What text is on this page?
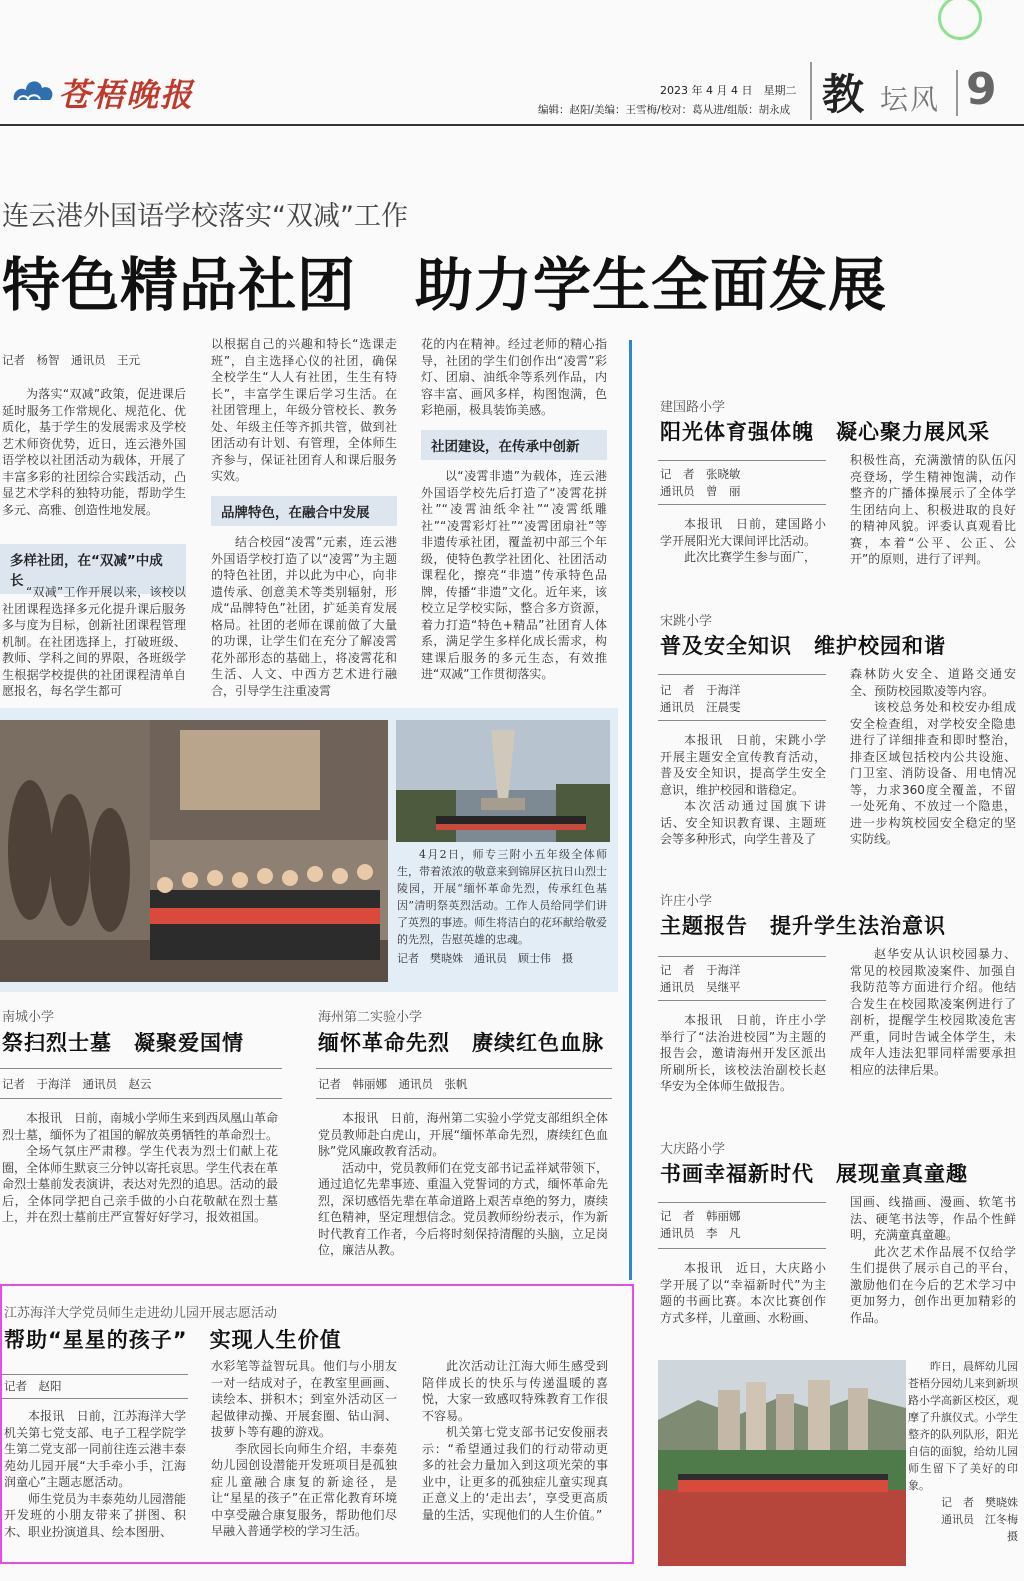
苍梧晚报	2023 年 4 月 4 日　星期二
编辑：赵阳/美编：王雪梅/校对：葛从进/组版：胡永成 教 坛风 9
连云港外国语学校落实“双减”工作
特色精品社团　助力学生全面发展
记者　杨智　通讯员　王元

为落实“双减”政策，促进课后延时服务工作常规化、规范化、优质化，基于学生的发展需求及学校艺术师资优势，近日，连云港外国语学校以社团活动为载体，开展了丰富多彩的社团综合实践活动，凸显艺术学科的独特功能，帮助学生多元、高雅、创造性地发展。

多样社团，在“双减”中成长

“双减”工作开展以来，该校以社团课程选择多元化提升课后服务多与度为目标，创新社团课程管理机制。在社团选择上，打破班级、教师、学科之间的界限，各班级学生根据学校提供的社团课程清单自愿报名，每名学生都可

以根据自己的兴趣和特长“选课走班”，自主选择心仪的社团，确保全校学生“人人有社团，生生有特长”，丰富学生课后学习生活。在社团管理上，年级分管校长、教务处、年级主任等齐抓共管，做到社团活动有计划、有管理，全体师生齐参与，保证社团育人和课后服务实效。

品牌特色，在融合中发展

结合校园“凌霄”元素，连云港外国语学校打造了以“凌霄”为主题的特色社团，并以此为中心，向非遗传承、创意美术等类别辐射，形成“品牌特色”社团，扩延美育发展格局。社团的老师在课前做了大量的功课，让学生们在充分了解凌霄花外部形态的基础上，将凌霄花和生活、人文、中西方艺术进行融合，引导学生注重凌霄

花的内在精神。经过老师的精心指导，社团的学生们创作出“凌霄”彩灯、团扇、油纸伞等系列作品，内容丰富、画风多样，构图饱满，色彩艳丽，极具装饰美感。

社团建设，在传承中创新

以“凌霄非遗”为载体，连云港外国语学校先后打造了“凌霄花拼社”“凌霄油纸伞社”“凌霄纸雕社”“凌霄彩灯社”“凌霄团扇社”等非遗传承社团，覆盖初中部三个年级，使特色教学社团化、社团活动课程化，擦亮“非遗”传承特色品牌，传播“非遗”文化。近年来，该校立足学校实际，整合多方资源，着力打造“特色+精品”社团育人体系，满足学生多样化成长需求，构建课后服务的多元生态，有效推进“双减”工作贯彻落实。

4月2日，师专三附小五年级全体师生，带着浓浓的敬意来到锦屏区抗日山烈士陵园，开展“缅怀革命先烈，传承红色基因”清明祭英烈活动。工作人员给同学们讲了英烈的事迹。师生将洁白的花环献给敬爱的先烈，告慰英雄的忠魂。

记者　樊晓姝　通讯员　顾士伟　摄
南城小学
祭扫烈士墓　凝聚爱国情
记者　于海洋　通讯员　赵云

本报讯　日前，南城小学师生来到西凤凰山革命烈士墓，缅怀为了祖国的解放英勇牺牲的革命烈士。

全场气氛庄严肃穆。学生代表为烈士们献上花圈，全体师生默哀三分钟以寄托哀思。学生代表在革命烈士墓前发表演讲，表达对先烈的追思。活动的最后，全体同学把自己亲手做的小白花敬献在烈士墓上，并在烈士墓前庄严宣誓好好学习，报效祖国。

海州第二实验小学
缅怀革命先烈　赓续红色血脉
记者　韩丽娜　通讯员　张帆

本报讯　日前，海州第二实验小学党支部组织全体党员教师赴白虎山，开展“缅怀革命先烈，赓续红色血脉”党风廉政教育活动。

活动中，党员教师们在党支部书记孟祥斌带领下，通过追忆先辈事迹、重温入党誓词的方式，缅怀革命先烈，深切感悟先辈在革命道路上艰苦卓绝的努力，赓续红色精神，坚定理想信念。党员教师纷纷表示，作为新时代教育工作者，今后将时刻保持清醒的头脑，立足岗位，廉洁从教。

江苏海洋大学党员师生走进幼儿园开展志愿活动
帮助“星星的孩子”　实现人生价值
记者　赵阳

本报讯　日前，江苏海洋大学机关第七党支部、电子工程学院学生第二党支部一同前往连云港丰泰苑幼儿园开展“大手牵小手，江海润童心”主题志愿活动。

师生党员为丰泰苑幼儿园潜能开发班的小朋友带来了拼图、积木、职业扮演道具、绘本图册、

水彩笔等益智玩具。他们与小朋友一对一结成对子，在教室里画画、读绘本、拼积木；到室外活动区一起做律动操、开展套圈、钻山洞、拔萝卜等有趣的游戏。

李欣园长向师生介绍，丰泰苑幼儿园创设潜能开发班项目是孤独症儿童融合康复的新途径，是让“星星的孩子”在正常化教育环境中享受融合康复服务，帮助他们尽早融入普通学校的学习生活。

此次活动让江海大师生感受到陪伴成长的快乐与传递温暖的喜悦，大家一致感叹特殊教育工作很不容易。

机关第七党支部书记安俊丽表示：“希望通过我们的行动带动更多的社会力量加入到这项光荣的事业中，让更多的孤独症儿童实现真正意义上的‘走出去’，享受更高质量的生活，实现他们的人生价值。”

建国路小学
阳光体育强体魄　凝心聚力展风采
记　者　张晓敏
通讯员　曾　丽

本报讯　日前，建国路小学开展阳光大课间评比活动。

此次比赛学生参与面广，

积极性高，充满激情的队伍闪亮登场，学生精神饱满，动作整齐的广播体操展示了全体学生团结向上、积极进取的良好的精神风貌。评委认真观看比赛，本着“公平、公正、公开”的原则，进行了评判。

宋跳小学
普及安全知识　维护校园和谐
记　者　于海洋
通讯员　汪晨雯

本报讯　日前，宋跳小学开展主题安全宣传教育活动，普及安全知识，提高学生安全意识，维护校园和谐稳定。

本次活动通过国旗下讲话、安全知识教育课、主题班会等多种形式，向学生普及了

森林防火安全、道路交通安全、预防校园欺凌等内容。

该校总务处和校安办组成安全检查组，对学校安全隐患进行了详细排查和即时整治，排查区域包括校内公共设施、门卫室、消防设备、用电情况等，力求360度全覆盖，不留一处死角、不放过一个隐患，进一步构筑校园安全稳定的坚实防线。

许庄小学
主题报告　提升学生法治意识
记　者　于海洋
通讯员　吴继平

本报讯　日前，许庄小学举行了“法治进校园”为主题的报告会，邀请海州开发区派出所刷所长，该校法治副校长赵华安为全体师生做报告。

赵华安从认识校园暴力、常见的校园欺凌案件、加强自我防范等方面进行介绍。他结合发生在校园欺凌案例进行了剖析，提醒学生校园欺凌危害严重，同时告诫全体学生，未成年人违法犯罪同样需要承担相应的法律后果。

大庆路小学
书画幸福新时代　展现童真童趣
记　者　韩丽娜
通讯员　李　凡

本报讯　近日，大庆路小学开展了以“幸福新时代”为主题的书画比赛。本次比赛创作方式多样，儿童画、水粉画、

国画、线描画、漫画、软笔书法、硬笔书法等，作品个性鲜明，充满童真童趣。

此次艺术作品展不仅给学生们提供了展示自己的平台，激励他们在今后的艺术学习中更加努力，创作出更加精彩的作品。

昨日，晨辉幼儿园苍梧分园幼儿来到新坝路小学高新区校区，观摩了升旗仪式。小学生整齐的队列队形，阳光自信的面貌，给幼儿园师生留下了美好的印象。

记　者　樊晓姝
通讯员　江冬梅
摄
